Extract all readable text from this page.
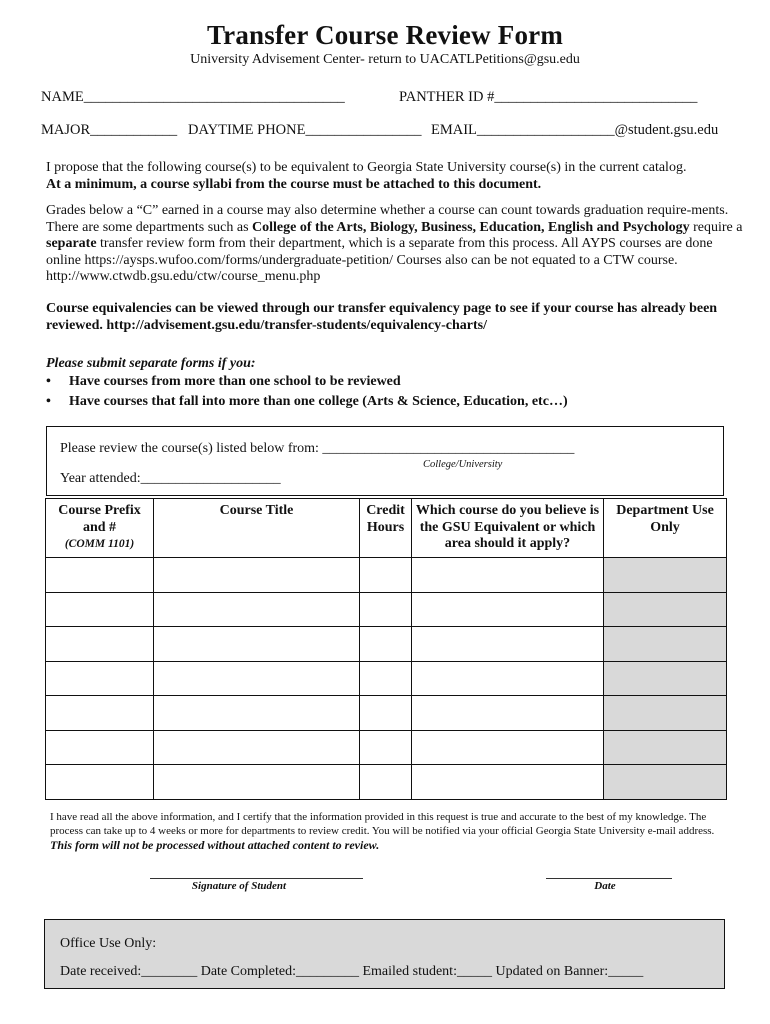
Transfer Course Review Form
University Advisement Center- return to UACATLPetitions@gsu.edu
NAME____________________________________	PANTHER ID #____________________________
MAJOR____________ DAYTIME PHONE________________ EMAIL___________________@student.gsu.edu
I propose that the following course(s) to be equivalent to Georgia State University course(s) in the current catalog.
At a minimum, a course syllabi from the course must be attached to this document.
Grades below a “C” earned in a course may also determine whether a course can count towards graduation require-ments. There are some departments such as College of the Arts, Biology, Business, Education, English and Psychology require a separate transfer review form from their department, which is a separate from this process. All AYPS courses are done online https://aysps.wufoo.com/forms/undergraduate-petition/ Courses also can be not equated to a CTW course. http://www.ctwdb.gsu.edu/ctw/course_menu.php
Course equivalencies can be viewed through our transfer equivalency page to see if your course has already been reviewed. http://advisement.gsu.edu/transfer-students/equivalency-charts/
Please submit separate forms if you:
• Have courses from more than one school to be reviewed
• Have courses that fall into more than one college (Arts & Science, Education, etc…)
Please review the course(s) listed below from: ____________________________________
College/University
Year attended:____________________
Course Prefix and #
(COMM 1101)	Course Title	Credit Hours	Which course do you believe is the GSU Equivalent or which area should it apply?	Department Use Only

I have read all the above information, and I certify that the information provided in this request is true and accurate to the best of my knowledge. The process can take up to 4 weeks or more for departments to review credit. You will be notified via your official Georgia State University e-mail address. This form will not be processed without attached content to review.
Signature of Student	Date
Office Use Only:
Date received:________ Date Completed:_________ Emailed student:_____ Updated on Banner:_____
